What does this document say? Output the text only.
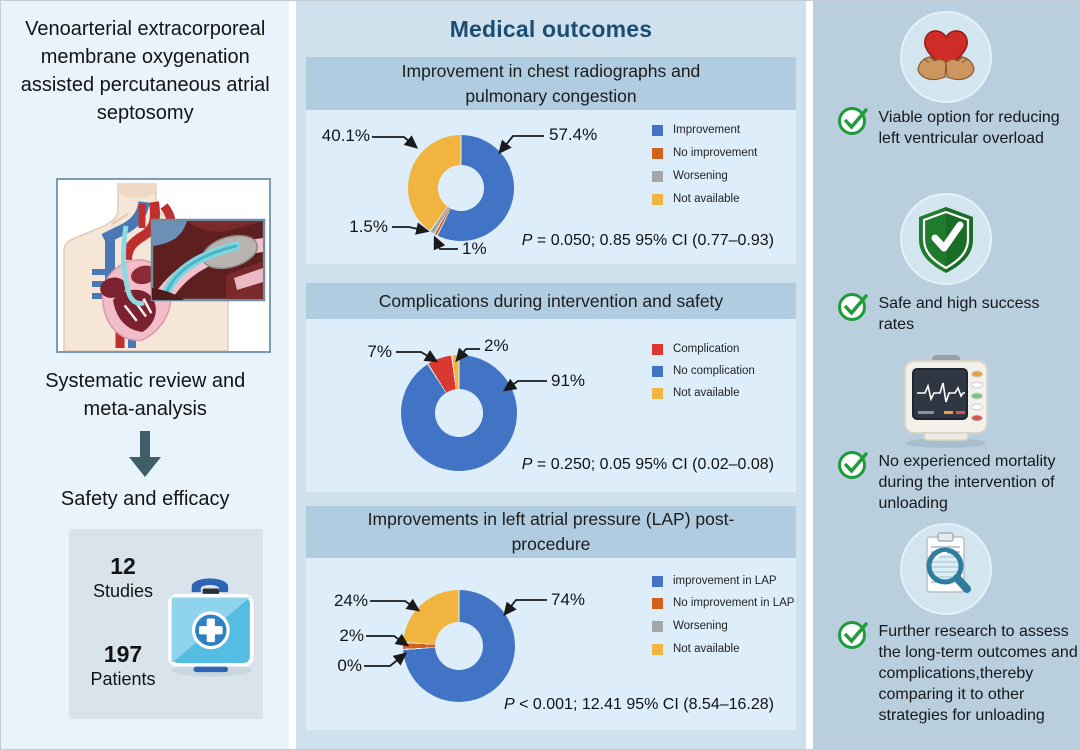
Venoarterial extracorporeal membrane oxygenation assisted percutaneous atrial septosomy
Systematic review and meta-analysis
Safety and efficacy
12
Studies
197
Patients
Medical outcomes
Improvement in chest radiographs and pulmonary congestion
40.1%	57.4%
1.5%
1%
Improvement
No improvement
Worsening
Not available
P = 0.050; 0.85 95% CI (0.77–0.93)
Complications during intervention and safety
7%	2%
91%
Complication
No complication
Not available
P = 0.250; 0.05 95% CI (0.02–0.08)
Improvements in left atrial pressure (LAP) post-procedure
24%	74%
2%
0%
improvement in LAP
No improvement in LAP
Worsening
Not available
P < 0.001; 12.41 95% CI (8.54–16.28)
Viable option for reducing left ventricular overload
Safe and high success rates
No experienced mortality during the intervention of unloading
Further research to assess the long-term outcomes and complications,thereby comparing it to other strategies for unloading
